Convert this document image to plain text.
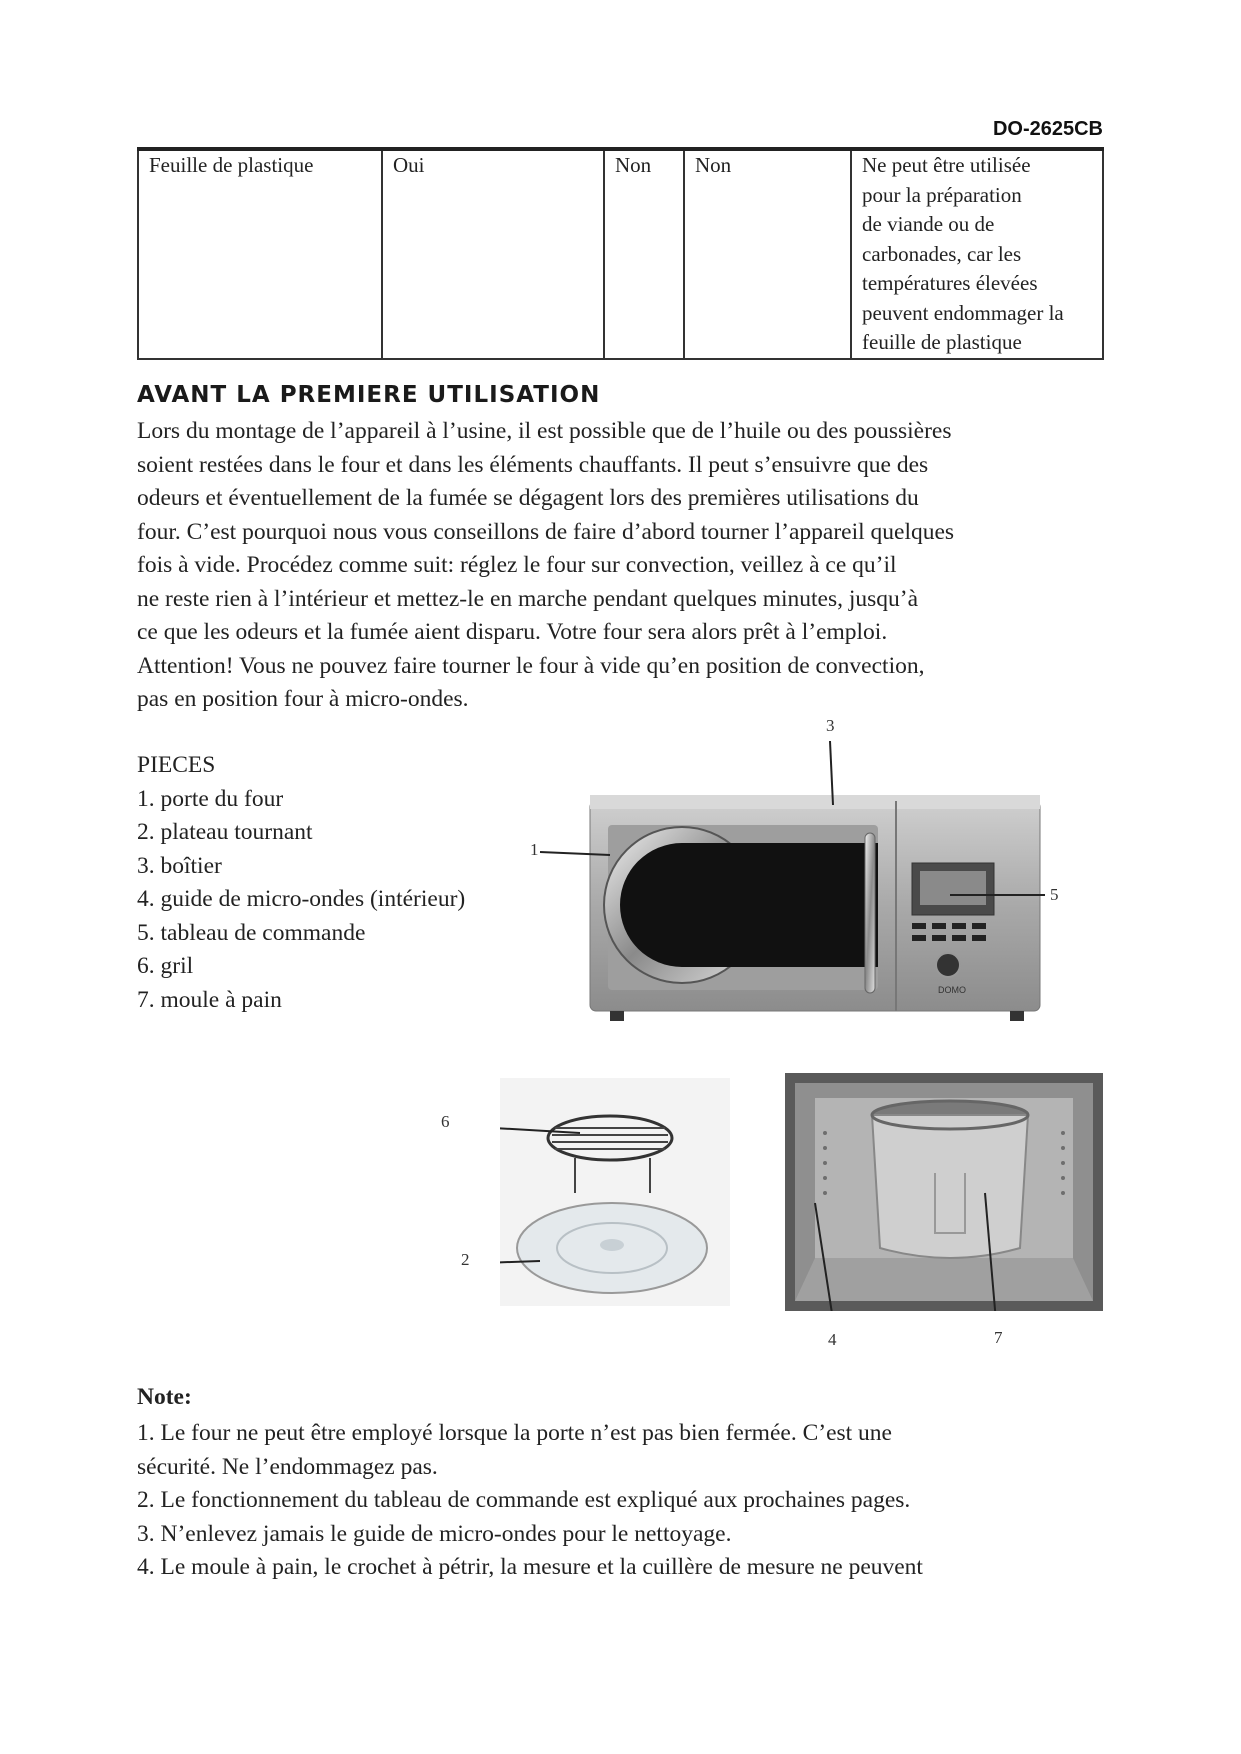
DO-2625CB
Feuille de plastique	Oui	Non	Non	Ne peut être utilisée
pour la préparation
de viande ou de
carbonades, car les
températures élevées
peuvent endommager la
feuille de plastique
AVANT LA PREMIERE UTILISATION

Lors du montage de l’appareil à l’usine, il est possible que de l’huile ou des poussières

soient restées dans le four et dans les éléments chauffants. Il peut s’ensuivre que des

odeurs et éventuellement de la fumée se dégagent lors des premières utilisations du

four. C’est pourquoi nous vous conseillons de faire d’abord tourner l’appareil quelques

fois à vide. Procédez comme suit: réglez le four sur convection, veillez à ce qu’il

ne reste rien à l’intérieur et mettez-le en marche pendant quelques minutes, jusqu’à

ce que les odeurs et la fumée aient disparu. Votre four sera alors prêt à l’emploi.

Attention! Vous ne pouvez faire tourner le four à vide qu’en position de convection,

pas en position four à micro-ondes.

PIECES
1. porte du four
2. plateau tournant
3. boîtier
4. guide de micro-ondes (intérieur)
5. tableau de commande
6. gril
7. moule à pain	DOMO
1
3
5
6
2
4	7
Note:
1. Le four ne peut être employé lorsque la porte n’est pas bien fermée. C’est une
sécurité. Ne l’endommagez pas.
2. Le fonctionnement du tableau de commande est expliqué aux prochaines pages.
3. N’enlevez jamais le guide de micro-ondes pour le nettoyage.
4. Le moule à pain, le crochet à pétrir, la mesure et la cuillère de mesure ne peuvent
